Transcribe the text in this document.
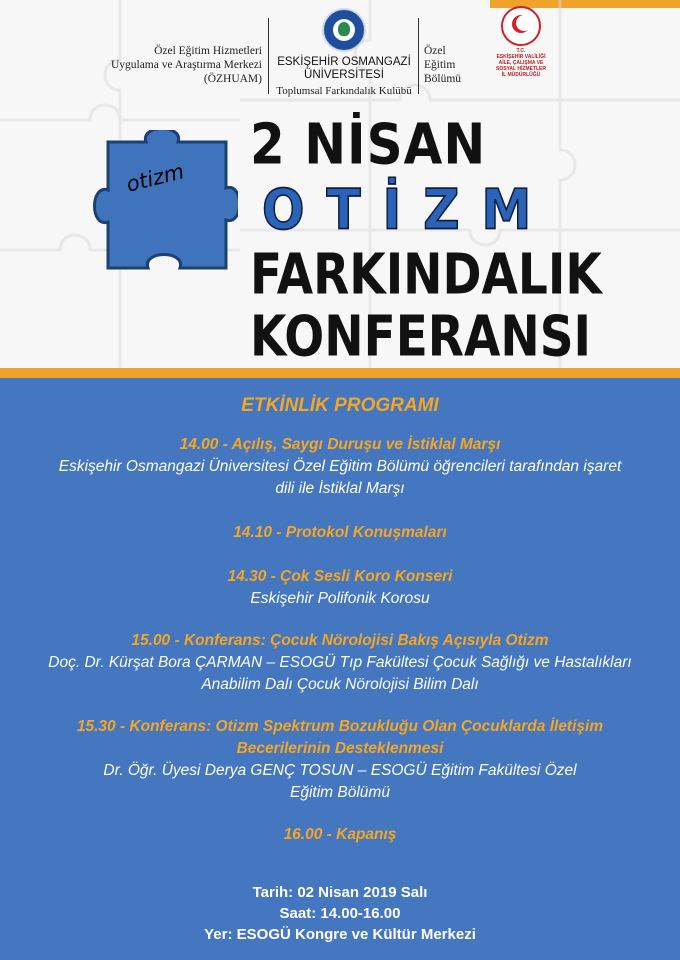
Özel Eğitim Hizmetleri
Uygulama ve Araştırma Merkezi
(ÖZHUAM)
ESKİŞEHİR OSMANGAZİ
ÜNİVERSİTESİ
Toplumsal Farkındalık Kulübü
Özel
Eğitim
Bölümü
T.C.
ESKİŞEHİR VALİLİĞİ
AİLE, ÇALIŞMA VE SOSYAL HİZMETLER
İL MÜDÜRLÜĞÜ
otizm
2 NİSAN
OTİZM
FARKINDALIK
KONFERANSI
ETKİNLİK PROGRAMI
14.00 - Açılış, Saygı Duruşu ve İstiklal Marşı
Eskişehir Osmangazi Üniversitesi Özel Eğitim Bölümü öğrencileri tarafından işaret dili ile İstiklal Marşı
14.10 - Protokol Konuşmaları
14.30 - Çok Sesli Koro Konseri
Eskişehir Polifonik Korosu
15.00 - Konferans: Çocuk Nörolojisi Bakış Açısıyla Otizm
Doç. Dr. Kürşat Bora ÇARMAN – ESOGÜ Tıp Fakültesi Çocuk Sağlığı ve Hastalıkları Anabilim Dalı Çocuk Nörolojisi Bilim Dalı
15.30 - Konferans: Otizm Spektrum Bozukluğu Olan Çocuklarda İletişim Becerilerinin Desteklenmesi
Dr. Öğr. Üyesi Derya GENÇ TOSUN – ESOGÜ Eğitim Fakültesi Özel Eğitim Bölümü
16.00 - Kapanış
Tarih: 02 Nisan 2019 Salı
Saat: 14.00-16.00
Yer: ESOGÜ Kongre ve Kültür Merkezi
